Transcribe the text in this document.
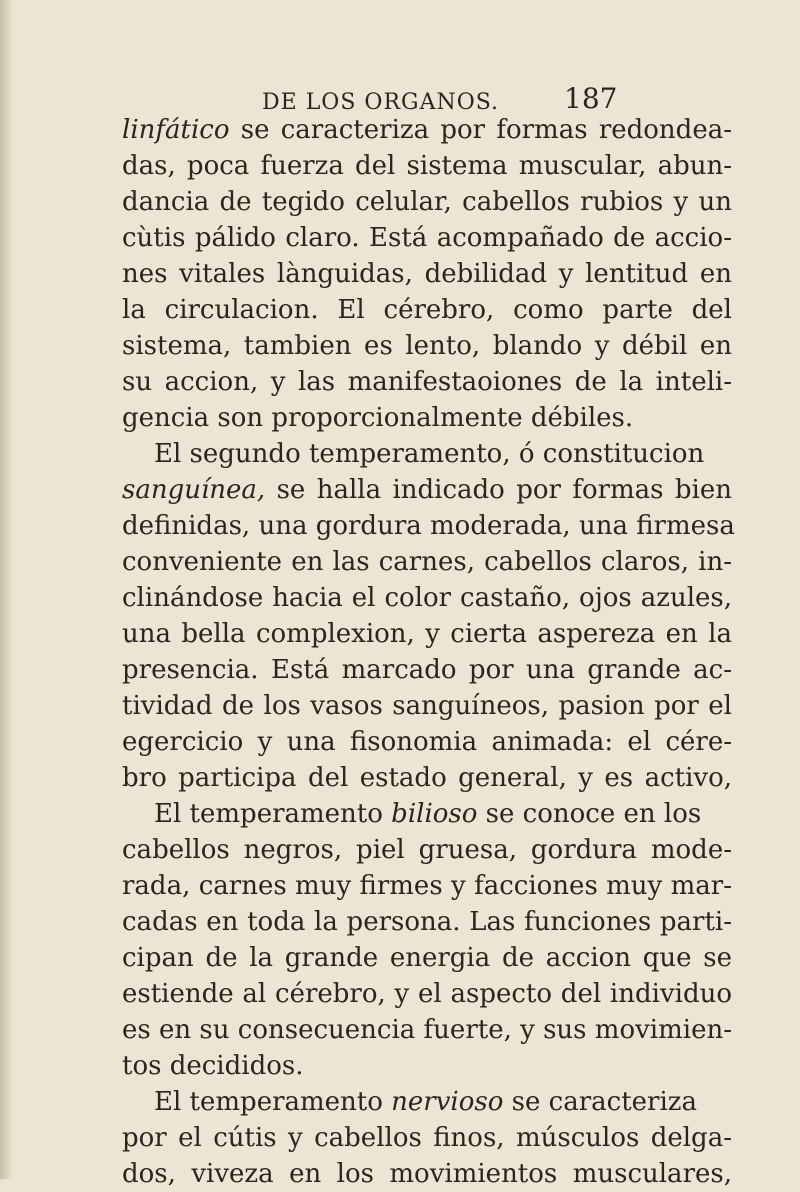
DE LOS ORGANOS. 187
linfático se caracteriza por formas redondea-
das, poca fuerza del sistema muscular, abun-
dancia de tegido celular, cabellos rubios y un
cùtis pálido claro. Está acompañado de accio-
nes vitales lànguidas, debilidad y lentitud en
la circulacion. El cérebro, como parte del
sistema, tambien es lento, blando y débil en
su accion, y las manifestaoiones de la inteli-
gencia son proporcionalmente débiles.
El segundo temperamento, ó constitucion
sanguínea, se halla indicado por formas bien
definidas, una gordura moderada, una firmesa
conveniente en las carnes, cabellos claros, in-
clinándose hacia el color castaño, ojos azules,
una bella complexion, y cierta aspereza en la
presencia. Está marcado por una grande ac-
tividad de los vasos sanguíneos, pasion por el
egercicio y una fisonomia animada: el cére-
bro participa del estado general, y es activo,
El temperamento bilioso se conoce en los
cabellos negros, piel gruesa, gordura mode-
rada, carnes muy firmes y facciones muy mar-
cadas en toda la persona. Las funciones parti-
cipan de la grande energia de accion que se
estiende al cérebro, y el aspecto del individuo
es en su consecuencia fuerte, y sus movimien-
tos decididos.
El temperamento nervioso se caracteriza
por el cútis y cabellos finos, músculos delga-
dos, viveza en los movimientos musculares,
